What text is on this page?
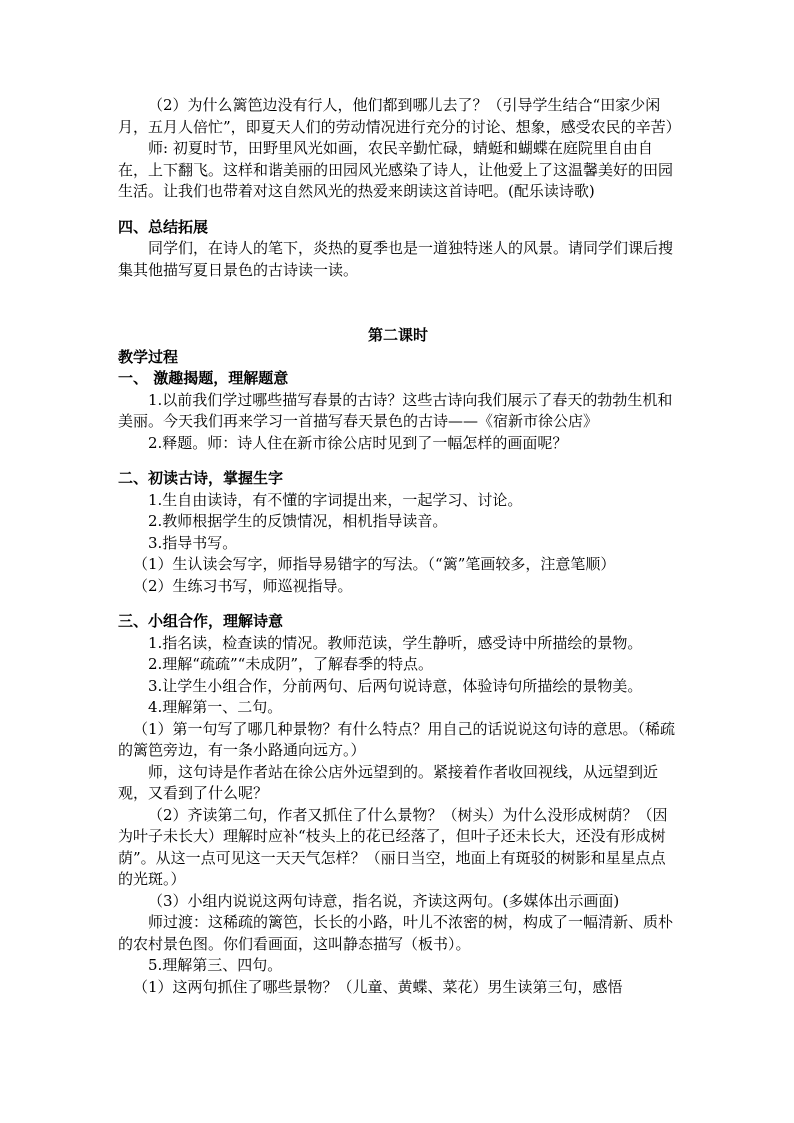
（2）为什么篱笆边没有行人，他们都到哪儿去了？（引导学生结合“田家少闲月，五月人倍忙”，即夏天人们的劳动情况进行充分的讨论、想象，感受农民的辛苦）

师: 初夏时节，田野里风光如画，农民辛勤忙碌，蜻蜓和蝴蝶在庭院里自由自在，上下翻飞。这样和谐美丽的田园风光感染了诗人，让他爱上了这温馨美好的田园生活。让我们也带着对这自然风光的热爱来朗读这首诗吧。(配乐读诗歌)

四、总结拓展

同学们，在诗人的笔下，炎热的夏季也是一道独特迷人的风景。请同学们课后搜集其他描写夏日景色的古诗读一读。

第二课时

教学过程

一、 激趣揭题，理解题意

1.以前我们学过哪些描写春景的古诗？这些古诗向我们展示了春天的勃勃生机和美丽。今天我们再来学习一首描写春天景色的古诗——《宿新市徐公店》

2.释题。师：诗人住在新市徐公店时见到了一幅怎样的画面呢？

二、初读古诗，掌握生字

1.生自由读诗，有不懂的字词提出来，一起学习、讨论。

2.教师根据学生的反馈情况，相机指导读音。

3.指导书写。

（1）生认读会写字，师指导易错字的写法。（“篱”笔画较多，注意笔顺）

（2）生练习书写，师巡视指导。

三、小组合作，理解诗意

1.指名读，检查读的情况。教师范读，学生静听，感受诗中所描绘的景物。

2.理解“疏疏”“未成阴”，了解春季的特点。

3.让学生小组合作，分前两句、后两句说诗意，体验诗句所描绘的景物美。

4.理解第一、二句。

（1）第一句写了哪几种景物？有什么特点？用自己的话说说这句诗的意思。（稀疏的篱笆旁边，有一条小路通向远方。）

师，这句诗是作者站在徐公店外远望到的。紧接着作者收回视线，从远望到近观，又看到了什么呢？

（2）齐读第二句，作者又抓住了什么景物？（树头）为什么没形成树荫？（因为叶子未长大）理解时应补“枝头上的花已经落了，但叶子还未长大，还没有形成树荫”。从这一点可见这一天天气怎样？（丽日当空，地面上有斑驳的树影和星星点点的光斑。）

（3）小组内说说这两句诗意，指名说，齐读这两句。(多媒体出示画面)

师过渡：这稀疏的篱笆，长长的小路，叶儿不浓密的树，构成了一幅清新、质朴的农村景色图。你们看画面，这叫静态描写（板书）。

5.理解第三、四句。

（1）这两句抓住了哪些景物？（儿童、黄蝶、菜花）男生读第三句，感悟
